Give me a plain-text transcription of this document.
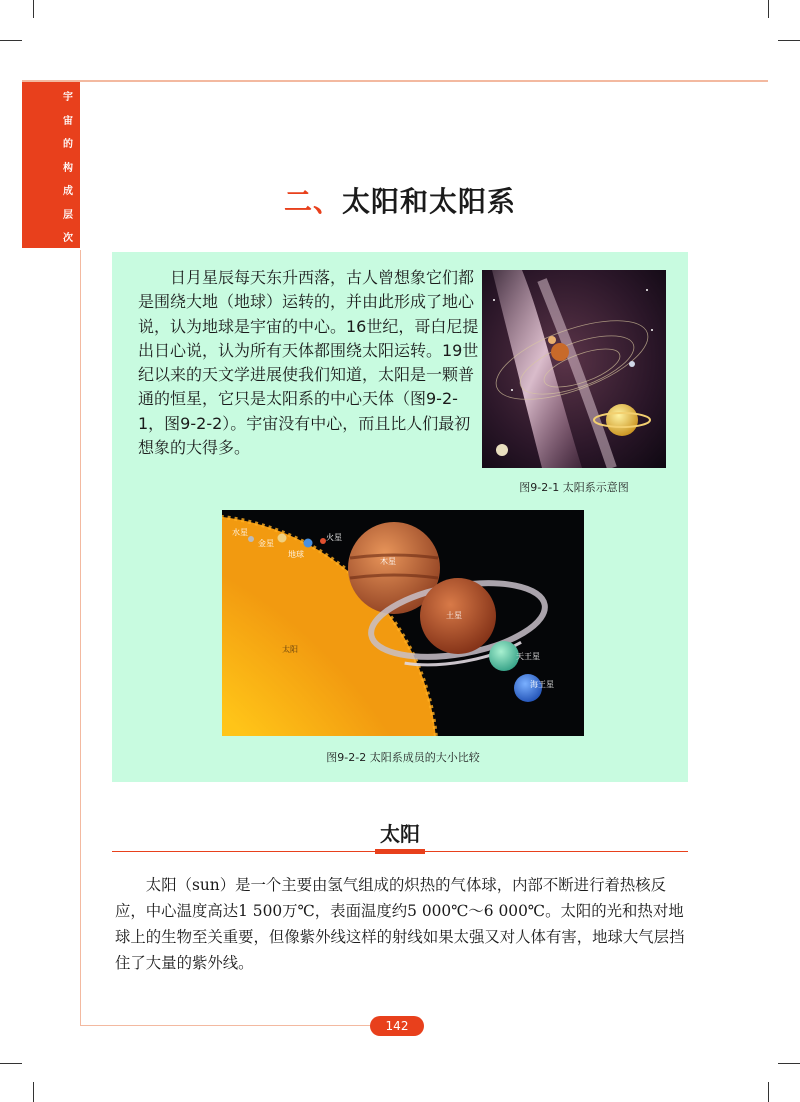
宇
宙
的
构
成
层
次
二、太阳和太阳系

日月星辰每天东升西落，古人曾想象它们都是围绕大地（地球）运转的，并由此形成了地心说，认为地球是宇宙的中心。16世纪，哥白尼提出日心说，认为所有天体都围绕太阳运转。19世纪以来的天文学进展使我们知道，太阳是一颗普通的恒星，它只是太阳系的中心天体（图9-2-1，图9-2-2）。宇宙没有中心，而且比人们最初想象的大得多。

图9-2-1 太阳系示意图
水星
金星
地球
火星
木星
土星
太阳
天王星
海王星
图9-2-2 太阳系成员的大小比较
太阳

太阳（sun）是一个主要由氢气组成的炽热的气体球，内部不断进行着热核反应，中心温度高达1 500万℃，表面温度约5 000℃～6 000℃。太阳的光和热对地球上的生物至关重要，但像紫外线这样的射线如果太强又对人体有害，地球大气层挡住了大量的紫外线。

142
